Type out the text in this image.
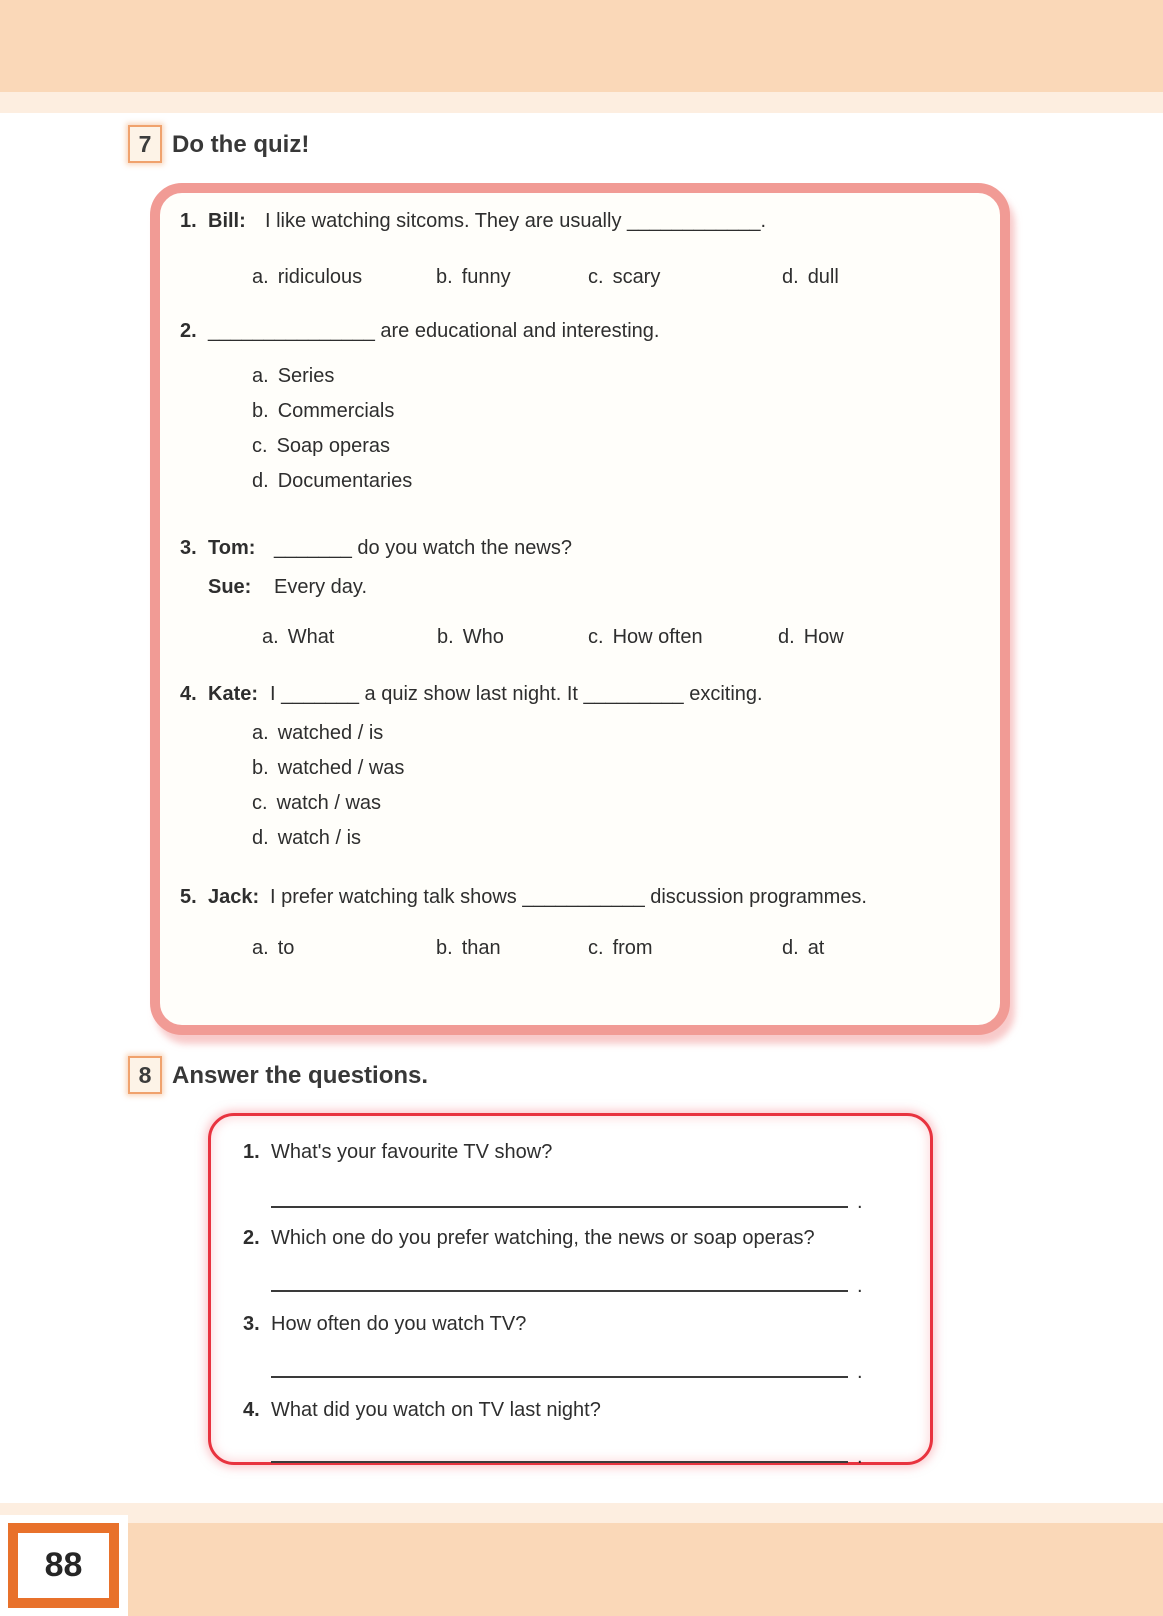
7 Do the quiz!
1. Bill: I like watching sitcoms. They are usually ____________.
a. ridiculous	b. funny	c. scary	d. dull
2. _______________ are educational and interesting.
a. Series
b. Commercials
c. Soap operas
d. Documentaries
3. Tom: _______ do you watch the news?
Sue: Every day.
a. What	b. Who	c. How often	d. How
4. Kate: I _______ a quiz show last night. It _________ exciting.
a. watched / is
b. watched / was
c. watch / was
d. watch / is
5. Jack: I prefer watching talk shows ___________ discussion programmes.
a. to	b. than	c. from	d. at
8 Answer the questions.
1. What's your favourite TV show?
.
2. Which one do you prefer watching, the news or soap operas?
.
3. How often do you watch TV?
.
4. What did you watch on TV last night?
.
88
